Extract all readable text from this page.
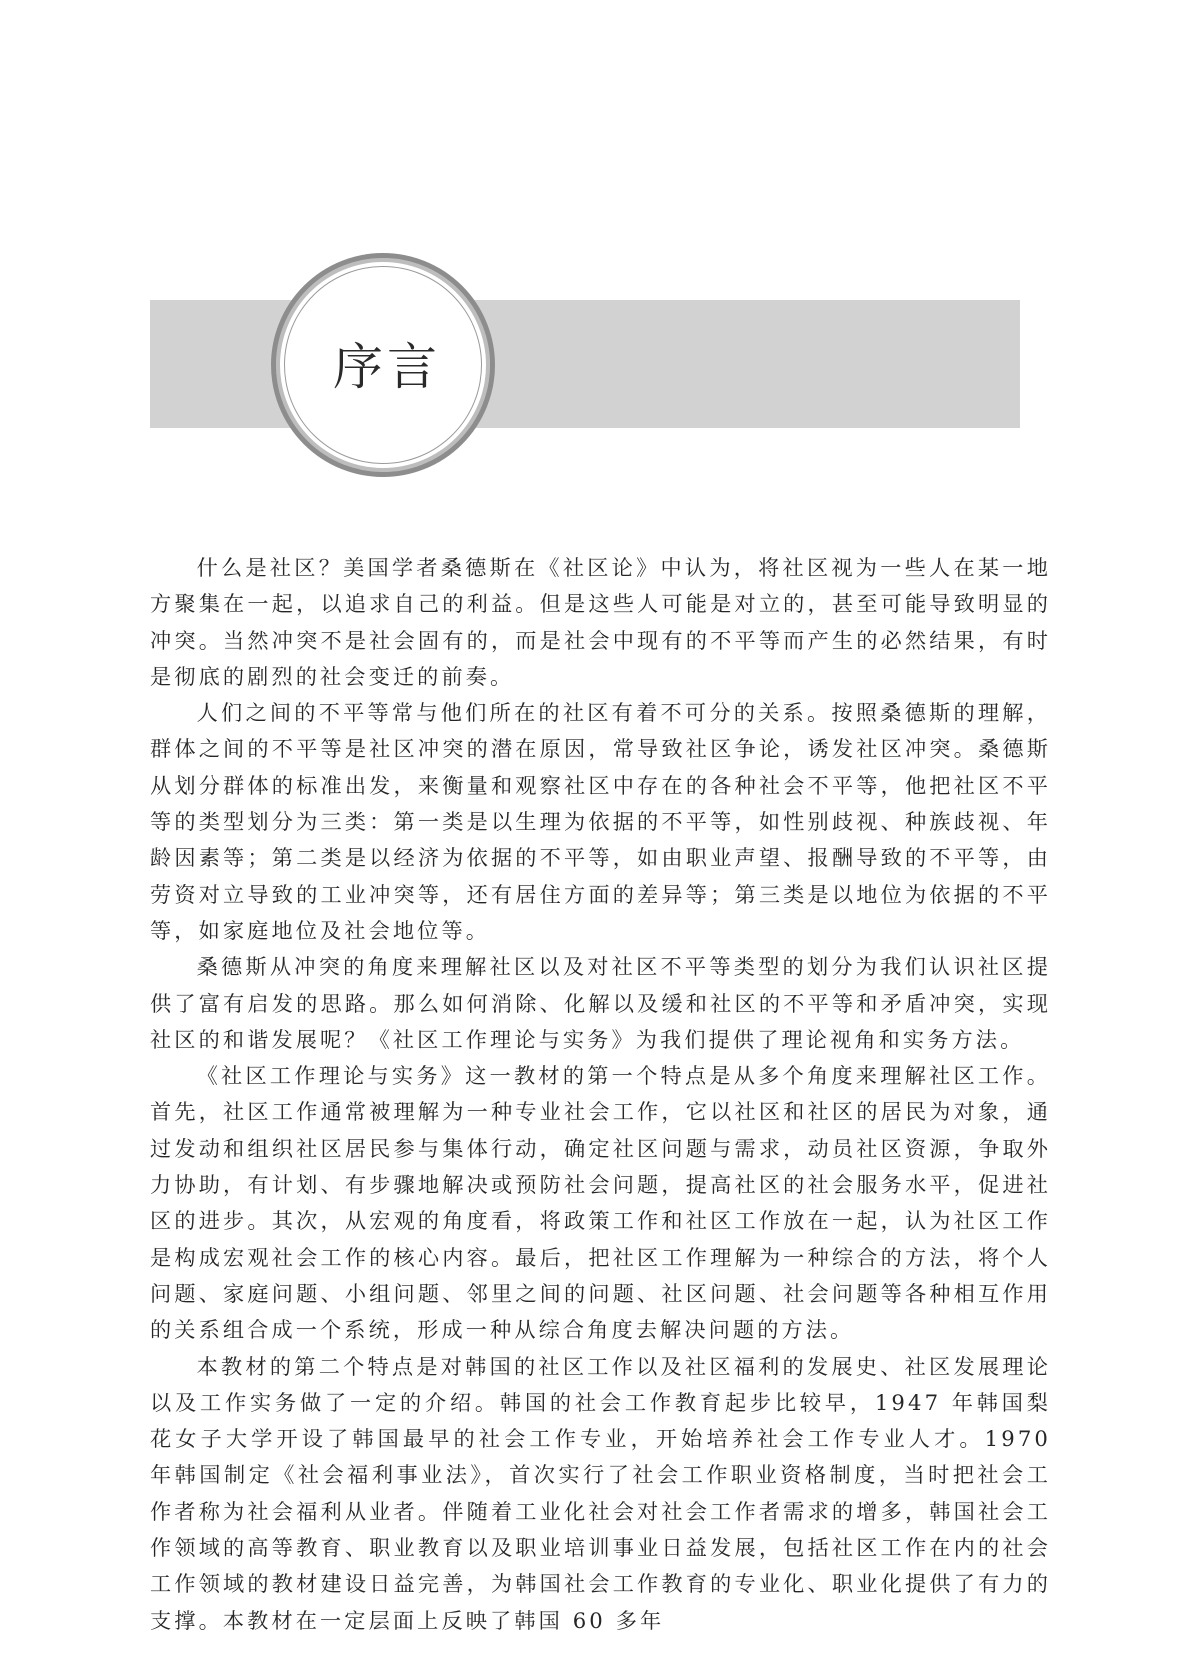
序言

什么是社区？美国学者桑德斯在《社区论》中认为，将社区视为一些人在某一地方聚集在一起，以追求自己的利益。但是这些人可能是对立的，甚至可能导致明显的冲突。当然冲突不是社会固有的，而是社会中现有的不平等而产生的必然结果，有时是彻底的剧烈的社会变迁的前奏。

人们之间的不平等常与他们所在的社区有着不可分的关系。按照桑德斯的理解，群体之间的不平等是社区冲突的潜在原因，常导致社区争论，诱发社区冲突。桑德斯从划分群体的标准出发，来衡量和观察社区中存在的各种社会不平等，他把社区不平等的类型划分为三类：第一类是以生理为依据的不平等，如性别歧视、种族歧视、年龄因素等；第二类是以经济为依据的不平等，如由职业声望、报酬导致的不平等，由劳资对立导致的工业冲突等，还有居住方面的差异等；第三类是以地位为依据的不平等，如家庭地位及社会地位等。

桑德斯从冲突的角度来理解社区以及对社区不平等类型的划分为我们认识社区提供了富有启发的思路。那么如何消除、化解以及缓和社区的不平等和矛盾冲突，实现社区的和谐发展呢？《社区工作理论与实务》为我们提供了理论视角和实务方法。

《社区工作理论与实务》这一教材的第一个特点是从多个角度来理解社区工作。首先，社区工作通常被理解为一种专业社会工作，它以社区和社区的居民为对象，通过发动和组织社区居民参与集体行动，确定社区问题与需求，动员社区资源，争取外力协助，有计划、有步骤地解决或预防社会问题，提高社区的社会服务水平，促进社区的进步。其次，从宏观的角度看，将政策工作和社区工作放在一起，认为社区工作是构成宏观社会工作的核心内容。最后，把社区工作理解为一种综合的方法，将个人问题、家庭问题、小组问题、邻里之间的问题、社区问题、社会问题等各种相互作用的关系组合成一个系统，形成一种从综合角度去解决问题的方法。

本教材的第二个特点是对韩国的社区工作以及社区福利的发展史、社区发展理论以及工作实务做了一定的介绍。韩国的社会工作教育起步比较早，1947 年韩国梨花女子大学开设了韩国最早的社会工作专业，开始培养社会工作专业人才。1970 年韩国制定《社会福利事业法》，首次实行了社会工作职业资格制度，当时把社会工作者称为社会福利从业者。伴随着工业化社会对社会工作者需求的增多，韩国社会工作领域的高等教育、职业教育以及职业培训事业日益发展，包括社区工作在内的社会工作领域的教材建设日益完善，为韩国社会工作教育的专业化、职业化提供了有力的支撑。本教材在一定层面上反映了韩国 60 多年
